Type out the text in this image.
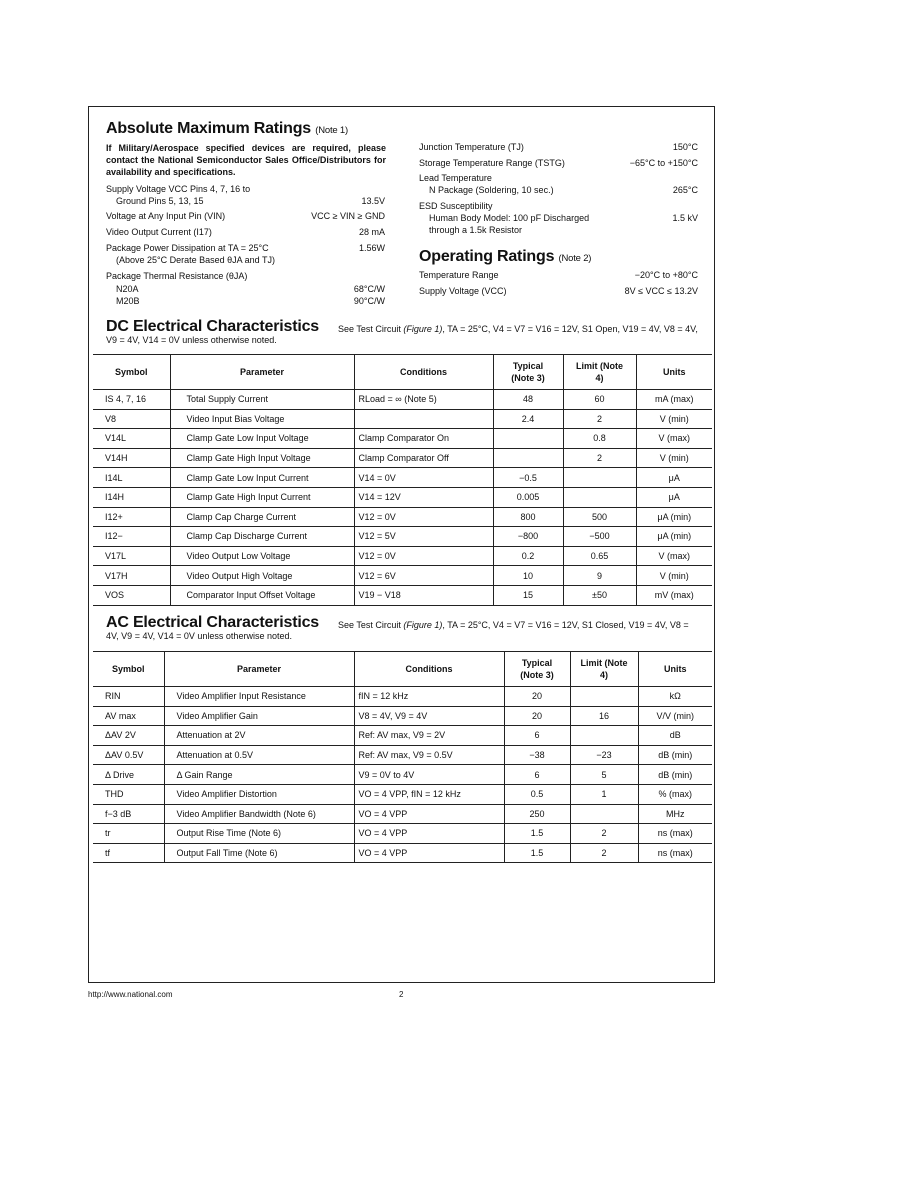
Absolute Maximum Ratings (Note 1)
If Military/Aerospace specified devices are required, please contact the National Semiconductor Sales Office/Distributors for availability and specifications.
Supply Voltage VCC Pins 4, 7, 16 to
Ground Pins 5, 13, 15	13.5V
Voltage at Any Input Pin (VIN)	VCC ≥ VIN ≥ GND
Video Output Current (I17)	28 mA
Package Power Dissipation at TA = 25°C	1.56W
(Above 25°C Derate Based θJA and TJ)
Package Thermal Resistance (θJA)
N20A	68°C/W
M20B	90°C/W
Junction Temperature (TJ)	150°C
Storage Temperature Range (TSTG)	−65°C to +150°C
Lead Temperature
N Package (Soldering, 10 sec.)	265°C
ESD Susceptibility
Human Body Model: 100 pF Discharged	1.5 kV
through a 1.5k Resistor
Operating Ratings (Note 2)
Temperature Range	−20°C to +80°C
Supply Voltage (VCC)	8V ≤ VCC ≤ 13.2V
DC Electrical Characteristics	See Test Circuit (Figure 1), TA = 25°C, V4 = V7 = V16 = 12V, S1 Open, V19 = 4V, V8 = 4V, V9 = 4V, V14 = 0V unless otherwise noted.
Symbol	Parameter	Conditions	Typical (Note 3)	Limit (Note 4)	Units
IS 4, 7, 16	Total Supply Current	RLoad = ∞ (Note 5)	48	60	mA (max)
V8	Video Input Bias Voltage		2.4	2	V (min)
V14L	Clamp Gate Low Input Voltage	Clamp Comparator On		0.8	V (max)
V14H	Clamp Gate High Input Voltage	Clamp Comparator Off		2	V (min)
I14L	Clamp Gate Low Input Current	V14 = 0V	−0.5		μA
I14H	Clamp Gate High Input Current	V14 = 12V	0.005		μA
I12+	Clamp Cap Charge Current	V12 = 0V	800	500	μA (min)
I12−	Clamp Cap Discharge Current	V12 = 5V	−800	−500	μA (min)
V17L	Video Output Low Voltage	V12 = 0V	0.2	0.65	V (max)
V17H	Video Output High Voltage	V12 = 6V	10	9	V (min)
VOS	Comparator Input Offset Voltage	V19 − V18	15	±50	mV (max)
AC Electrical Characteristics	See Test Circuit (Figure 1), TA = 25°C, V4 = V7 = V16 = 12V, S1 Closed, V19 = 4V, V8 = 4V, V9 = 4V, V14 = 0V unless otherwise noted.
Symbol	Parameter	Conditions	Typical (Note 3)	Limit (Note 4)	Units
RIN	Video Amplifier Input Resistance	fIN = 12 kHz	20		kΩ
AV max	Video Amplifier Gain	V8 = 4V, V9 = 4V	20	16	V/V (min)
ΔAV 2V	Attenuation at 2V	Ref: AV max, V9 = 2V	6		dB
ΔAV 0.5V	Attenuation at 0.5V	Ref: AV max, V9 = 0.5V	−38	−23	dB (min)
Δ Drive	Δ Gain Range	V9 = 0V to 4V	6	5	dB (min)
THD	Video Amplifier Distortion	VO = 4 VPP, fIN = 12 kHz	0.5	1	% (max)
f−3 dB	Video Amplifier Bandwidth (Note 6)	VO = 4 VPP	250		MHz
tr	Output Rise Time (Note 6)	VO = 4 VPP	1.5	2	ns (max)
tf	Output Fall Time (Note 6)	VO = 4 VPP	1.5	2	ns (max)
http://www.national.com	2
